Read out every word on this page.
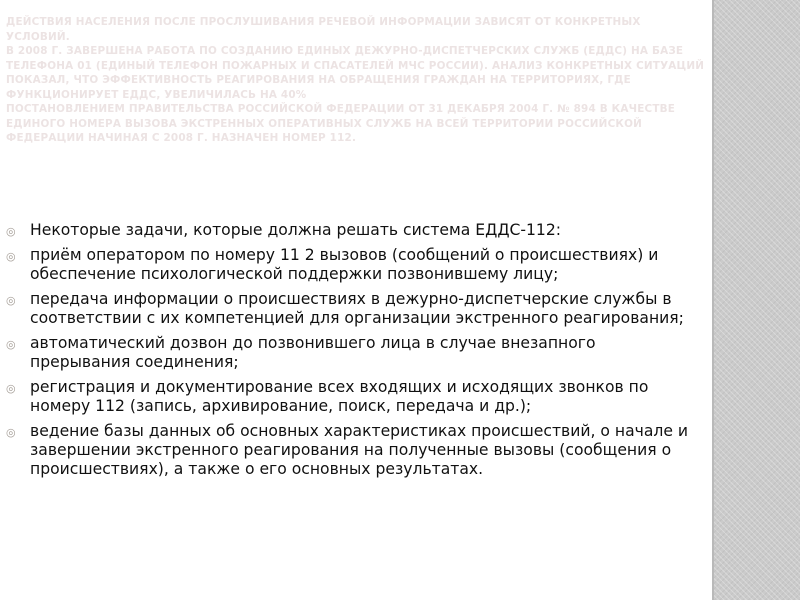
ДЕЙСТВИЯ НАСЕЛЕНИЯ ПОСЛЕ ПРОСЛУШИВАНИЯ РЕЧЕВОЙ ИНФОРМАЦИИ ЗАВИСЯТ ОТ КОНКРЕТНЫХ УСЛОВИЙ.

В 2008 Г. ЗАВЕРШЕНА РАБОТА ПО СОЗДАНИЮ ЕДИНЫХ ДЕЖУРНО-ДИСПЕТЧЕРСКИХ СЛУЖБ (ЕДДС) НА БАЗЕ ТЕЛЕФОНА 01 (ЕДИНЫЙ ТЕЛЕФОН ПОЖАРНЫХ И СПАСАТЕЛЕЙ МЧС РОССИИ). АНАЛИЗ КОНКРЕТНЫХ СИТУАЦИЙ ПОКАЗАЛ, ЧТО ЭФФЕКТИВНОСТЬ РЕАГИРОВАНИЯ НА ОБРАЩЕНИЯ ГРАЖДАН НА ТЕРРИТОРИЯХ, ГДЕ ФУНКЦИОНИРУЕТ ЕДДС, УВЕЛИЧИЛАСЬ НА 40%

ПОСТАНОВЛЕНИЕМ ПРАВИТЕЛЬСТВА РОССИЙСКОЙ ФЕДЕРАЦИИ ОТ 31 ДЕКАБРЯ 2004 Г. № 894 В КАЧЕСТВЕ ЕДИНОГО НОМЕРА ВЫЗОВА ЭКСТРЕННЫХ ОПЕРАТИВНЫХ СЛУЖБ НА ВСЕЙ ТЕРРИТОРИИ РОССИЙСКОЙ ФЕДЕРАЦИИ НАЧИНАЯ С 2008 Г. НАЗНАЧЕН НОМЕР 112.

◎ Некоторые задачи, которые должна решать система ЕДДС-112:
◎ приём оператором по номеру 11 2 вызовов (сообщений о происшествиях) и обеспечение психологической поддержки позвонившему лицу;
◎ передача информации о происшествиях в дежурно-диспетчерские службы в соответствии с их компетенцией для организации экстренного реагирования;
◎ автоматический дозвон до позвонившего лица в случае внезапного прерывания соединения;
◎ регистрация и документирование всех входящих и исходящих звонков по номеру 112 (запись, архивирование, поиск, передача и др.);
◎ ведение базы данных об основных характеристиках происшествий, о начале и завершении экстренного реагирования на полученные вызовы (сообщения о происшествиях), а также о его основных результатах.
